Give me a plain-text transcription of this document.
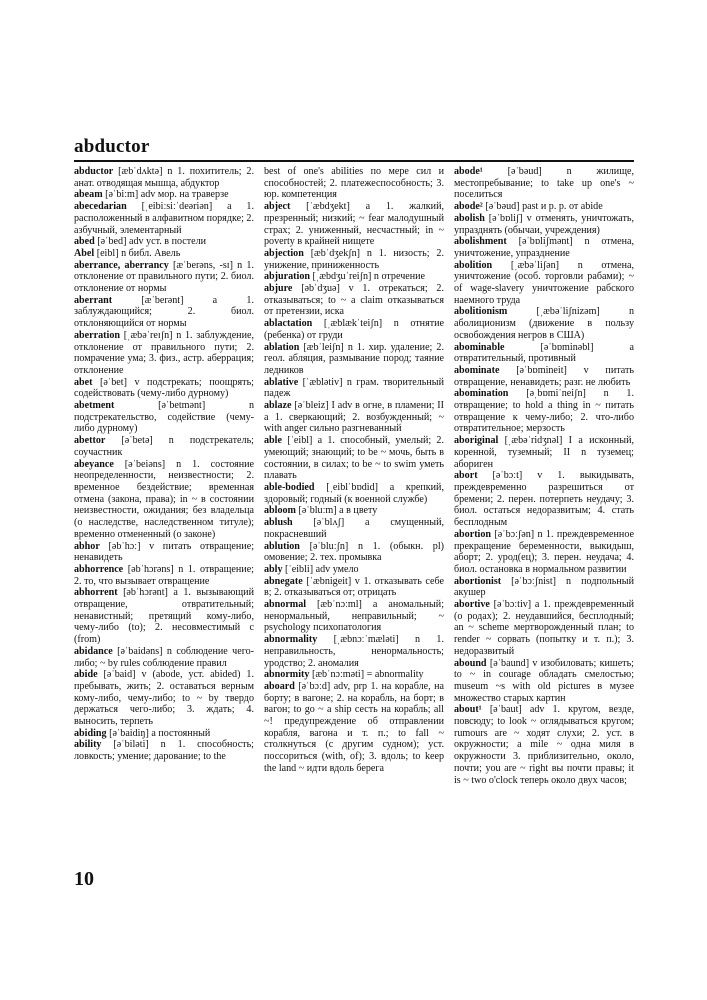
abductor

abductor [æbˈdʌktə] n 1. похититель; 2. анат. отводящая мышца, абдуктор

abeam [əˈbiːm] adv мор. на траверзе

abecedarian [ˌeibiːsiːˈdeəriən] a 1. расположенный в алфавитном порядке; 2. азбучный, элементарный

abed [əˈbed] adv уст. в постели

Abel [eibl] n библ. Авель

aberrance, aberrancy [æˈberəns, -sɪ] n 1. отклонение от правильного пути; 2. биол. отклонение от нормы

aberrant	[æˈberənt] a 1. заблуждающийся; 2. биол. отклоняющийся от нормы

aberration [ˌæbəˈreɪʃn] n 1. заблуждение, отклонение от правильного пути; 2. помрачение ума; 3. физ., астр. аберрация; отклонение

abet [əˈbet] v подстрекать; поощрять; содействовать (чему-либо дурному)

abetment	[əˈbetmənt] n подстрекательство, содействие (чему-либо дурному)

abettor [əˈbetə] n подстрекатель; соучастник

abeyance [əˈbeiəns] n 1. состояние неопределенности, неизвестности; 2. временное бездействие; временная отмена (закона, права); in ~ в состоянии неизвестности, ожидания; без владельца (о наследстве, наследственном титуле); временно отмененный (о законе)

abhor [əbˈhɔː] v питать отвращение; ненавидеть

abhorrence [əbˈhɔrəns] n 1. отвращение; 2. то, что вызывает отвращение

abhorrent [əbˈhɔrənt] a 1. вызывающий отвращение, отвратительный; ненавистный; претящий кому-либо, чему-либо (to); 2. несовместимый с (from)

abidance [əˈbaidəns] n соблюдение чего-либо; ~ by rules соблюдение правил

abide [əˈbaid] v (abode, уст. abided) 1. пребывать, жить; 2. оставаться верным кому-либо, чему-либо; to ~ by твердо держаться чего-либо; 3. ждать; 4. выносить, терпеть

abiding [əˈbaidiŋ] a постоянный

ability [əˈbiləti] n 1. способность; ловкость; умение; дарование; to the

best of one's abilities по мере сил и способностей; 2. платежеспособность; 3. юр. компетенция

abject [ˈæbdʒekt] a 1. жалкий, презренный; низкий; ~ fear малодушный страх; 2. униженный, несчастный; in ~ poverty в крайней нищете

abjection [æbˈdʒekʃn] n 1. низость; 2. унижение, приниженность

abjuration [ˌæbdʒuˈreiʃn] n отречение

abjure [əbˈdʒuə] v 1. отрекаться; 2. отказываться; to ~ a claim отказываться от претензии, иска

ablactation [ˌæblækˈteiʃn] n отнятие (ребенка) от груди

ablation [æbˈleiʃn] n 1. хир. удаление; 2. геол. абляция, размывание пород; таяние ледников

ablative [ˈæblətiv] n грам. творительный падеж

ablaze [əˈbleiz] I adv в огне, в пламени; II a 1. сверкающий; 2. возбужденный; ~ with anger сильно разгневанный

able [ˈeibl] a 1. способный, умелый; 2. умеющий; знающий; to be ~ мочь, быть в состоянии, в силах; to be ~ to swim уметь плавать

able-bodied [ˌeiblˈbɒdid] a крепкий, здоровый; годный (к военной службе)

abloom [əˈbluːm] a в цвету

ablush [əˈblʌʃ] a смущенный, покрасневший

ablution [əˈbluːʃn] n 1. (обыкн. pl) омовение; 2. тех. промывка

ably [ˈeibli] adv умело

abnegate [ˈæbnigeit] v 1. отказывать себе в; 2. отказываться от; отрицать

abnormal [æbˈnɔːml] a аномальный; ненормальный, неправильный; ~ psychology психопатология

abnormality [ˌæbnɔːˈmæləti] n 1. неправильность, ненормальность; уродство; 2. аномалия

abnormity [æbˈnɔːməti] = abnormality

aboard [əˈbɔːd] adv, prp 1. на корабле, на борту; в вагоне; 2. на корабль, на борт; в вагон; to go ~ a ship сесть на корабль; all ~! предупреждение об отправлении корабля, вагона и т. п.; to fall ~ столкнуться (с другим судном); уст. поссориться (with, of); 3. вдоль; to keep the land ~ идти вдоль берега

abode¹ [əˈbəud] n жилище, местопребывание; to take up one's ~ поселиться

abode² [əˈbəud] past и p. p. от abide

abolish [əˈbɒliʃ] v отменять, уничтожать, упразднять (обычаи, учреждения)

abolishment [əˈbɒliʃmənt] n отмена, уничтожение, упразднение

abolition [ˌæbəˈliʃən] n отмена, уничтожение (особ. торговли рабами); ~ of wage-slavery уничтожение рабского наемного труда

abolitionism	[ˌæbəˈliʃnizəm] n аболиционизм (движение в пользу освобождения негров в США)

abominable	[əˈbɒminəbl] a отвратительный, противный

abominate [əˈbɒmineit] v питать отвращение, ненавидеть; разг. не любить

abomination [əˌbɒmiˈneiʃn] n 1. отвращение; to hold a thing in ~ питать отвращение к чему-либо; 2. что-либо отвратительное; мерзость

aboriginal [ˌæbəˈridʒnəl] I a исконный, коренной, туземный; II n туземец; абориген

abort [əˈbɔːt] v 1. выкидывать, преждевременно разрешиться от бремени; 2. перен. потерпеть неудачу; 3. биол. остаться недоразвитым; 4. стать бесплодным

abortion [əˈbɔːʃən] n 1. преждевременное прекращение беременности, выкидыш, аборт; 2. урод(ец); 3. перен. неудача; 4. биол. остановка в нормальном развитии

abortionist [əˈbɔːʃnist] n подпольный акушер

abortive [əˈbɔːtiv] a 1. преждевременный (о родах); 2. неудавшийся, бесплодный; an ~ scheme мертворожденный план; to render ~ сорвать (попытку и т. п.); 3. недоразвитый

abound [əˈbaund] v изобиловать; кишеть; to ~ in courage обладать смелостью; museum ~s with old pictures в музее множество старых картин

about¹ [əˈbaut] adv 1. кругом, везде, повсюду; to look ~ оглядываться кругом; rumours are ~ ходят слухи; 2. уст. в окружности; a mile ~ одна миля в окружности 3. приблизительно, около, почти; you are ~ right вы почти правы; it is ~ two o'clock теперь около двух часов;

10
